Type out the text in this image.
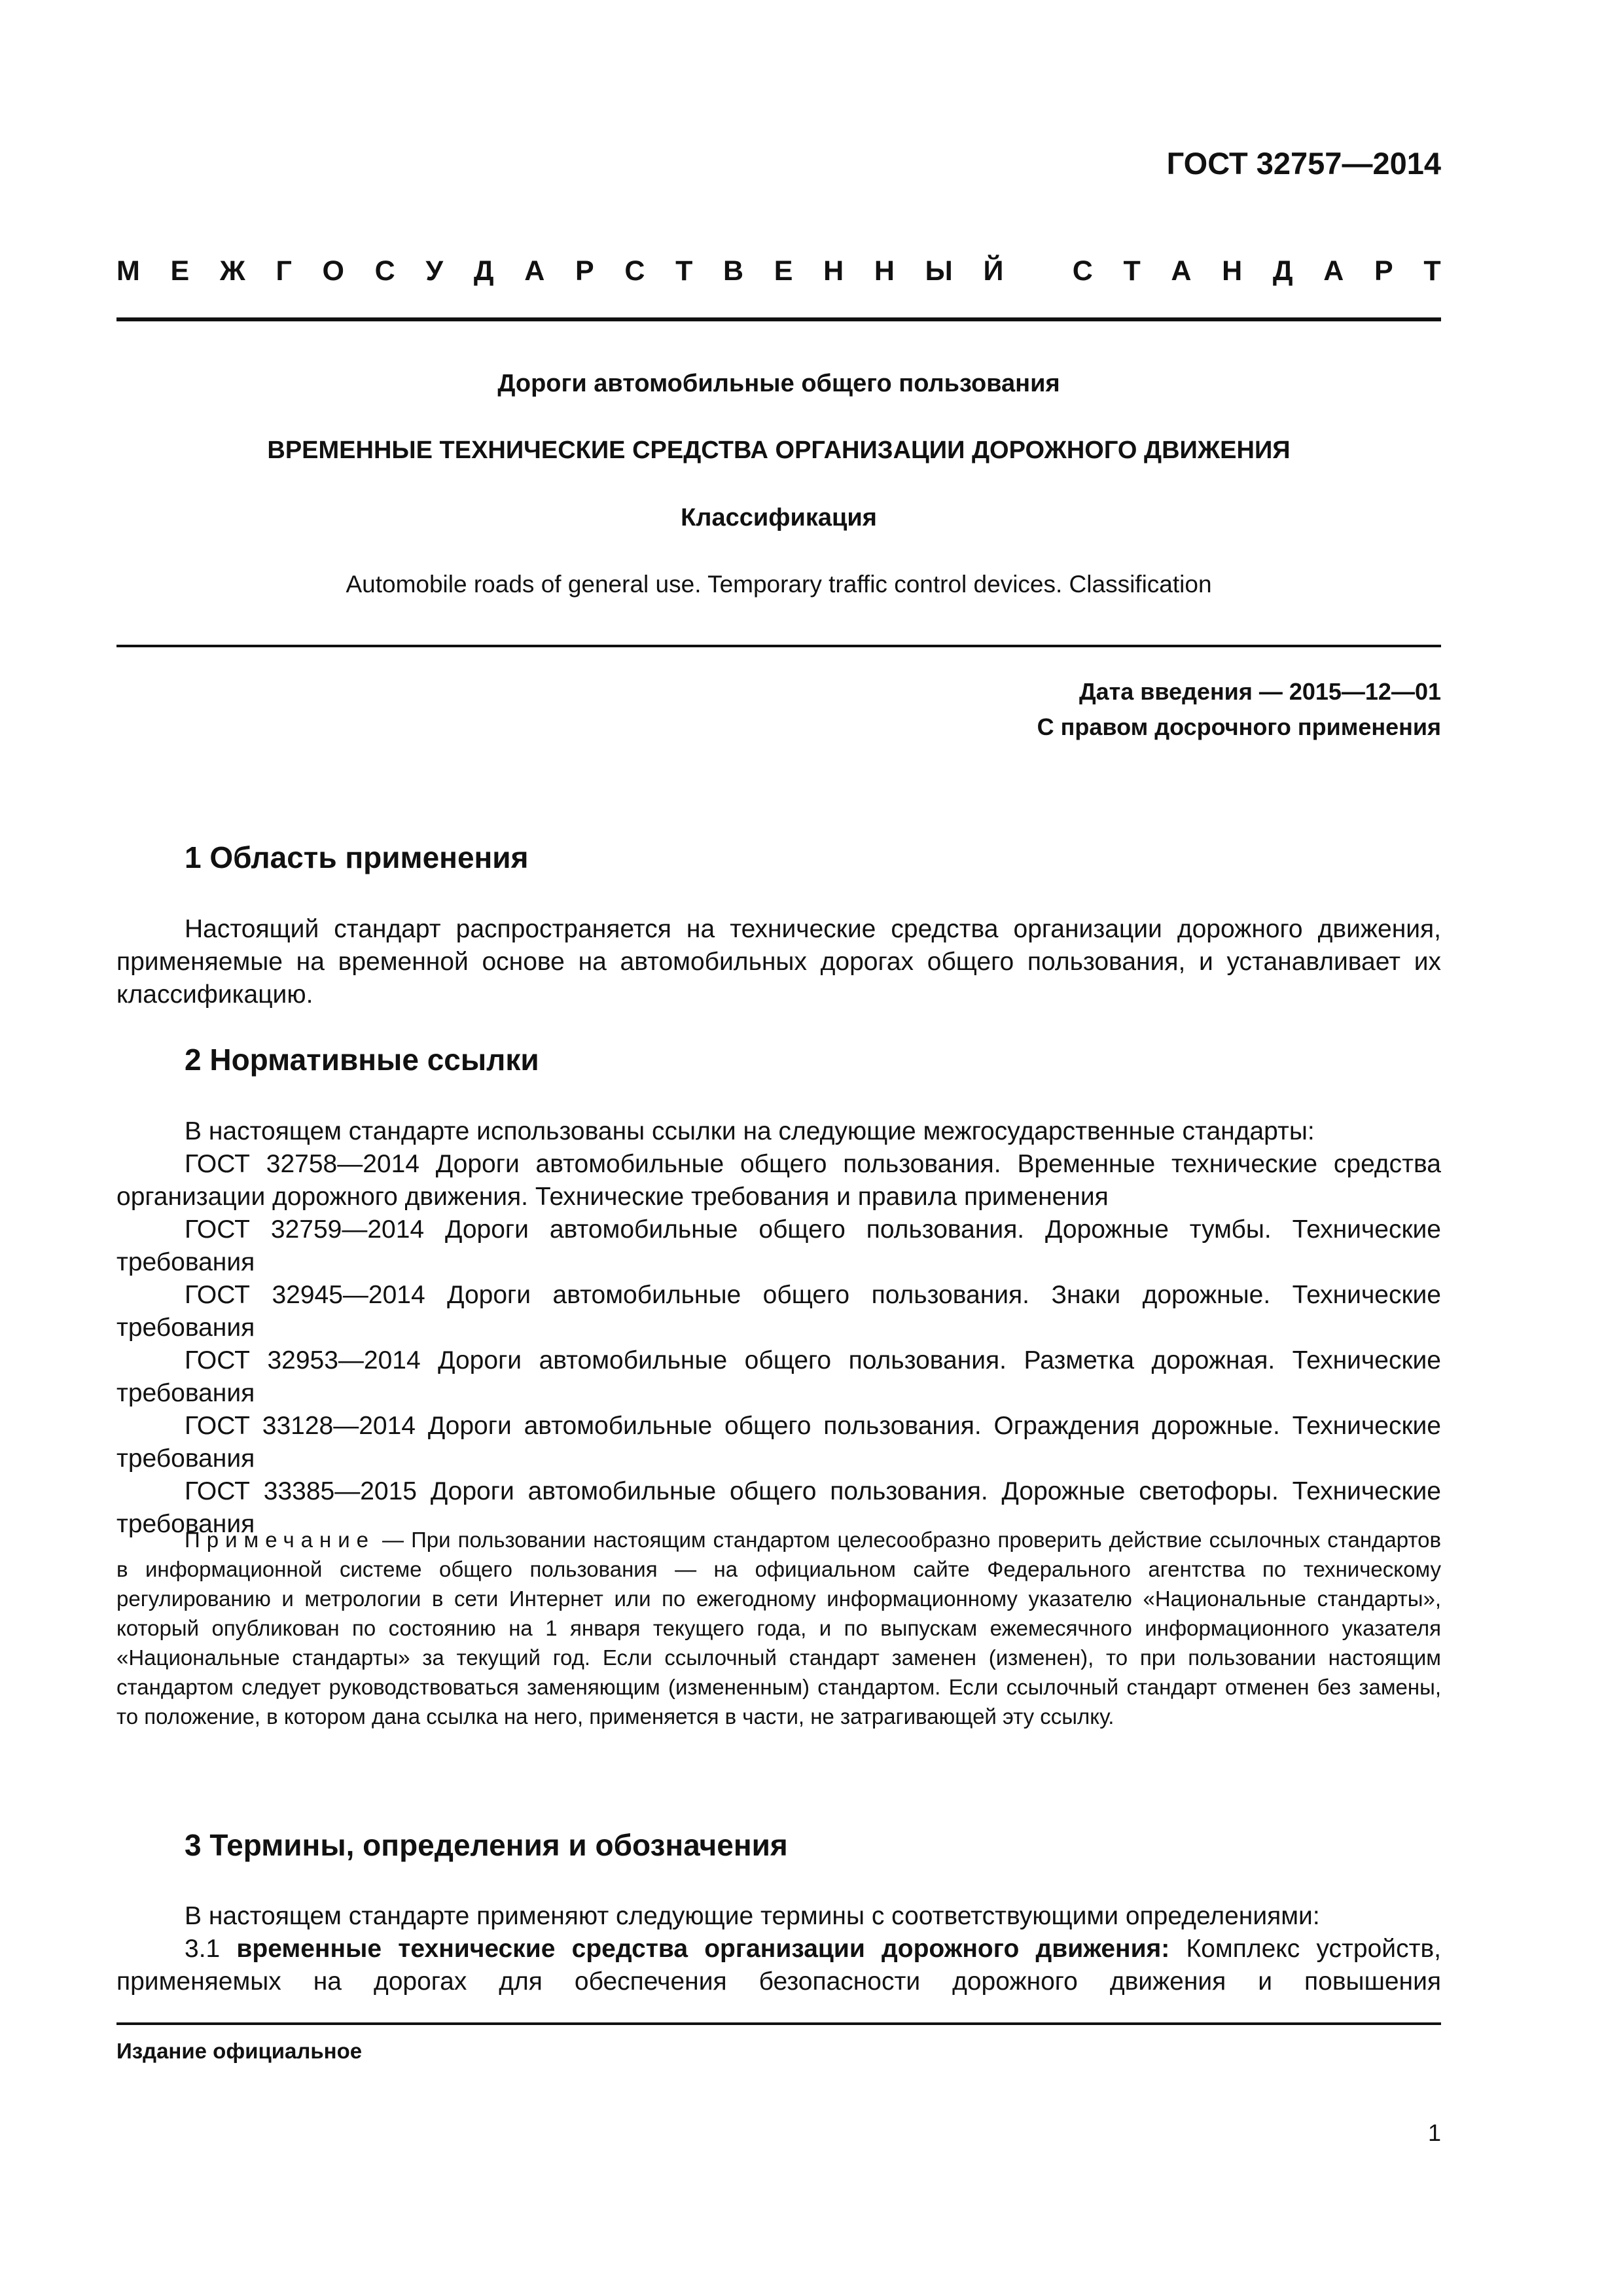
ГОСТ 32757—2014
М Е Ж Г О С У Д А Р С Т В Е Н Н Ы Й
С Т А Н Д А Р Т
Дороги автомобильные общего пользования
ВРЕМЕННЫЕ ТЕХНИЧЕСКИЕ СРЕДСТВА ОРГАНИЗАЦИИ ДОРОЖНОГО ДВИЖЕНИЯ
Классификация
Automobile roads of general use. Temporary traffic control devices. Classification
Дата введения — 2015—12—01
С правом досрочного применения
1 Область применения

Настоящий стандарт распространяется на технические средства организации дорожного движения, применяемые на временной основе на автомобильных дорогах общего пользования, и устанавливает их классификацию.

2 Нормативные ссылки

В настоящем стандарте использованы ссылки на следующие межгосударственные стандарты:

ГОСТ 32758—2014 Дороги автомобильные общего пользования. Временные технические средства организации дорожного движения. Технические требования и правила применения

ГОСТ 32759—2014 Дороги автомобильные общего пользования. Дорожные тумбы. Технические требования

ГОСТ 32945—2014 Дороги автомобильные общего пользования. Знаки дорожные. Технические требования

ГОСТ 32953—2014 Дороги автомобильные общего пользования. Разметка дорожная. Технические требования

ГОСТ 33128—2014 Дороги автомобильные общего пользования. Ограждения дорожные. Технические требования

ГОСТ 33385—2015 Дороги автомобильные общего пользования. Дорожные светофоры. Технические требования

Примечание — При пользовании настоящим стандартом целесообразно проверить действие ссылочных стандартов в информационной системе общего пользования — на официальном сайте Федерального агентства по техническому регулированию и метрологии в сети Интернет или по ежегодному информационному указателю «Национальные стандарты», который опубликован по состоянию на 1 января текущего года, и по выпускам ежемесячного информационного указателя «Национальные стандарты» за текущий год. Если ссылочный стандарт заменен (изменен), то при пользовании настоящим стандартом следует руководствоваться заменяющим (измененным) стандартом. Если ссылочный стандарт отменен без замены, то положение, в котором дана ссылка на него, применяется в части, не затрагивающей эту ссылку.
3 Термины, определения и обозначения

В настоящем стандарте применяют следующие термины с соответствующими определениями:

3.1 временные технические средства организации дорожного движения: Комплекс устройств, применяемых на дорогах для обеспечения безопасности дорожного движения и повышения

Издание официальное
1
